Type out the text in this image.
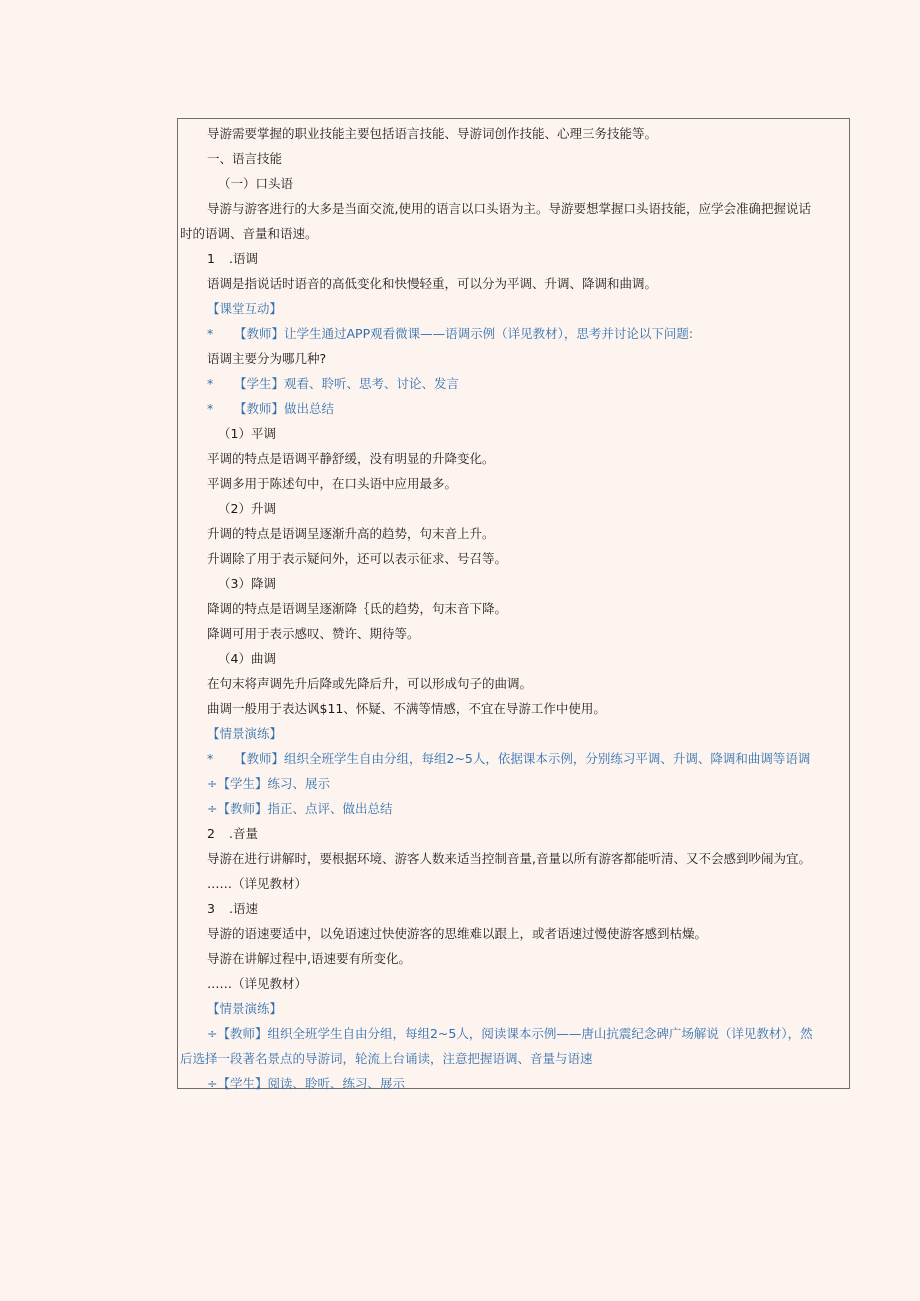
导游需要掌握的职业技能主要包括语言技能、导游词创作技能、心理三务技能等。
一、语言技能
（一）口头语
导游与游客进行的大多是当面交流,使用的语言以口头语为主。导游要想掌握口头语技能，应学会准确把握说话
时的语调、音量和语速。
1 .语调
语调是指说话时语音的高低变化和快慢轻重，可以分为平调、升调、降调和曲调。
【课堂互动】
* 【教师】让学生通过APP观看微课——语调示例（详见教材），思考并讨论以下问题:
语调主要分为哪几种?
* 【学生】观看、聆听、思考、讨论、发言
* 【教师】做出总结
（1）平调
平调的特点是语调平静舒缓，没有明显的升降变化。
平调多用于陈述句中，在口头语中应用最多。
（2）升调
升调的特点是语调呈逐渐升高的趋势，句末音上升。
升调除了用于表示疑问外，还可以表示征求、号召等。
（3）降调
降调的特点是语调呈逐渐降｛氐的趋势，句末音下降。
降调可用于表示感叹、赞许、期待等。
（4）曲调
在句末将声调先升后降或先降后升，可以形成句子的曲调。
曲调一般用于表达讽$11、怀疑、不满等情感，不宜在导游工作中使用。
【情景演练】
* 【教师】组织全班学生自由分组，每组2~5人，依据课本示例，分别练习平调、升调、降调和曲调等语调
÷【学生】练习、展示
÷【教师】指正、点评、做出总结
2 .音量
导游在进行讲解时，要根据环境、游客人数来适当控制音量,音量以所有游客都能听清、又不会感到吵闹为宜。
……（详见教材）
3 .语速
导游的语速要适中，以免语速过快使游客的思维难以跟上，或者语速过慢使游客感到枯燥。
导游在讲解过程中,语速要有所变化。
……（详见教材）
【情景演练】
÷【教师】组织全班学生自由分组，每组2~5人，阅读课本示例——唐山抗震纪念碑广场解说（详见教材），然
后选择一段著名景点的导游词，轮流上台诵读，注意把握语调、音量与语速
÷【学生】阅读、聆听、练习、展示
